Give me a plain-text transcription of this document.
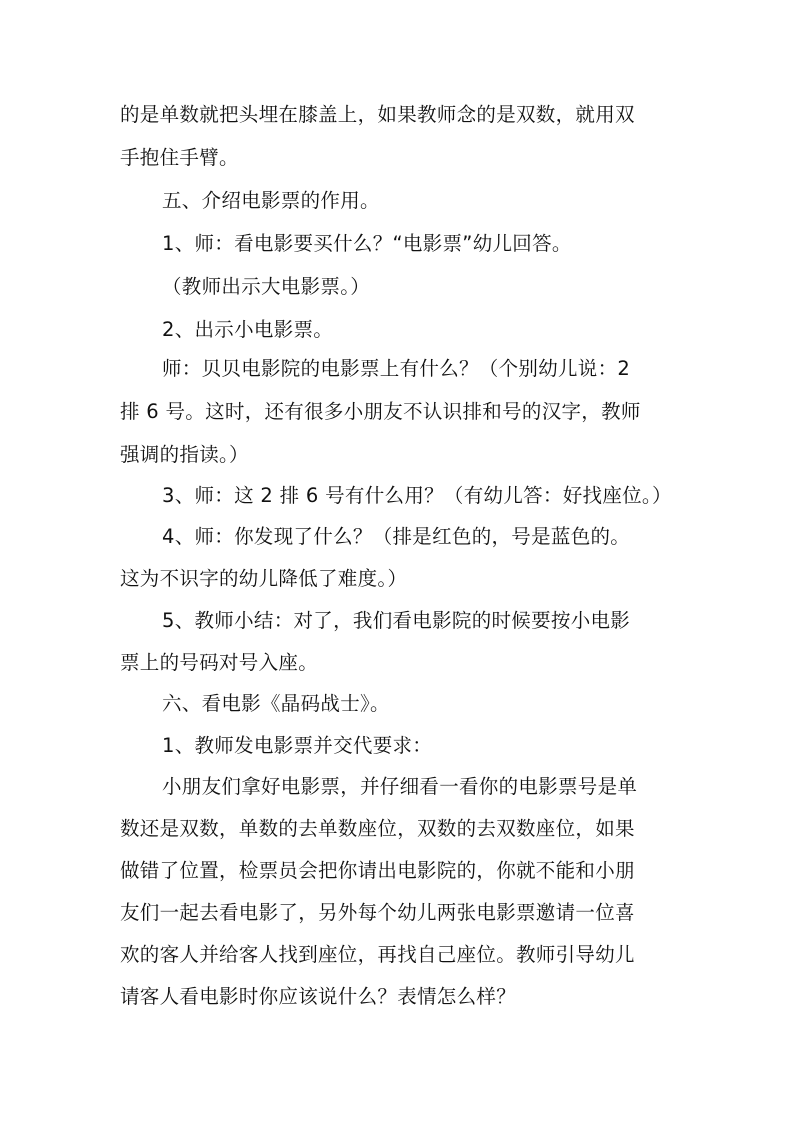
的是单数就把头埋在膝盖上，如果教师念的是双数，就用双
手抱住手臂。
五、介绍电影票的作用。
1、师：看电影要买什么？“电影票”幼儿回答。
（教师出示大电影票。）
2、出示小电影票。
师：贝贝电影院的电影票上有什么？（个别幼儿说：2
排 6 号。这时，还有很多小朋友不认识排和号的汉字，教师
强调的指读。）
3、师：这 2 排 6 号有什么用？（有幼儿答：好找座位。）
4、师：你发现了什么？（排是红色的，号是蓝色的。
这为不识字的幼儿降低了难度。）
5、教师小结：对了，我们看电影院的时候要按小电影
票上的号码对号入座。
六、看电影《晶码战士》。
1、教师发电影票并交代要求：
小朋友们拿好电影票，并仔细看一看你的电影票号是单
数还是双数，单数的去单数座位，双数的去双数座位，如果
做错了位置，检票员会把你请出电影院的，你就不能和小朋
友们一起去看电影了，另外每个幼儿两张电影票邀请一位喜
欢的客人并给客人找到座位，再找自己座位。教师引导幼儿
请客人看电影时你应该说什么？表情怎么样？
